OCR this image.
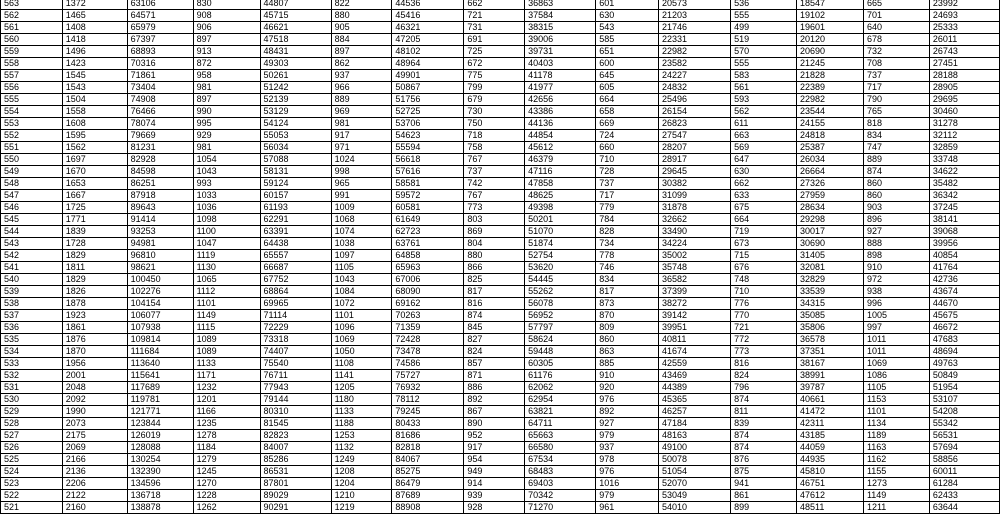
563	1372	63106	830	44807	822	44536	662	36863	601	20573	536	18547	665	23992
562	1465	64571	908	45715	880	45416	721	37584	630	21203	555	19102	701	24693
561	1408	65979	906	46621	905	46321	731	38315	543	21746	499	19601	640	25333
560	1418	67397	897	47518	884	47205	691	39006	585	22331	519	20120	678	26011
559	1496	68893	913	48431	897	48102	725	39731	651	22982	570	20690	732	26743
558	1423	70316	872	49303	862	48964	672	40403	600	23582	555	21245	708	27451
557	1545	71861	958	50261	937	49901	775	41178	645	24227	583	21828	737	28188
556	1543	73404	981	51242	966	50867	799	41977	605	24832	561	22389	717	28905
555	1504	74908	897	52139	889	51756	679	42656	664	25496	593	22982	790	29695
554	1558	76466	990	53129	969	52725	730	43386	658	26154	562	23544	765	30460
553	1608	78074	995	54124	981	53706	750	44136	669	26823	611	24155	818	31278
552	1595	79669	929	55053	917	54623	718	44854	724	27547	663	24818	834	32112
551	1562	81231	981	56034	971	55594	758	45612	660	28207	569	25387	747	32859
550	1697	82928	1054	57088	1024	56618	767	46379	710	28917	647	26034	889	33748
549	1670	84598	1043	58131	998	57616	737	47116	728	29645	630	26664	874	34622
548	1653	86251	993	59124	965	58581	742	47858	737	30382	662	27326	860	35482
547	1667	87918	1033	60157	991	59572	767	48625	717	31099	633	27959	860	36342
546	1725	89643	1036	61193	1009	60581	773	49398	779	31878	675	28634	903	37245
545	1771	91414	1098	62291	1068	61649	803	50201	784	32662	664	29298	896	38141
544	1839	93253	1100	63391	1074	62723	869	51070	828	33490	719	30017	927	39068
543	1728	94981	1047	64438	1038	63761	804	51874	734	34224	673	30690	888	39956
542	1829	96810	1119	65557	1097	64858	880	52754	778	35002	715	31405	898	40854
541	1811	98621	1130	66687	1105	65963	866	53620	746	35748	676	32081	910	41764
540	1829	100450	1065	67752	1043	67006	825	54445	834	36582	748	32829	972	42736
539	1826	102276	1112	68864	1084	68090	817	55262	817	37399	710	33539	938	43674
538	1878	104154	1101	69965	1072	69162	816	56078	873	38272	776	34315	996	44670
537	1923	106077	1149	71114	1101	70263	874	56952	870	39142	770	35085	1005	45675
536	1861	107938	1115	72229	1096	71359	845	57797	809	39951	721	35806	997	46672
535	1876	109814	1089	73318	1069	72428	827	58624	860	40811	772	36578	1011	47683
534	1870	111684	1089	74407	1050	73478	824	59448	863	41674	773	37351	1011	48694
533	1956	113640	1133	75540	1108	74586	857	60305	885	42559	816	38167	1069	49763
532	2001	115641	1171	76711	1141	75727	871	61176	910	43469	824	38991	1086	50849
531	2048	117689	1232	77943	1205	76932	886	62062	920	44389	796	39787	1105	51954
530	2092	119781	1201	79144	1180	78112	892	62954	976	45365	874	40661	1153	53107
529	1990	121771	1166	80310	1133	79245	867	63821	892	46257	811	41472	1101	54208
528	2073	123844	1235	81545	1188	80433	890	64711	927	47184	839	42311	1134	55342
527	2175	126019	1278	82823	1253	81686	952	65663	979	48163	874	43185	1189	56531
526	2069	128088	1184	84007	1132	82818	917	66580	937	49100	874	44059	1163	57694
525	2166	130254	1279	85286	1249	84067	954	67534	978	50078	876	44935	1162	58856
524	2136	132390	1245	86531	1208	85275	949	68483	976	51054	875	45810	1155	60011
523	2206	134596	1270	87801	1204	86479	914	69403	1016	52070	941	46751	1273	61284
522	2122	136718	1228	89029	1210	87689	939	70342	979	53049	861	47612	1149	62433
521	2160	138878	1262	90291	1219	88908	928	71270	961	54010	899	48511	1211	63644
